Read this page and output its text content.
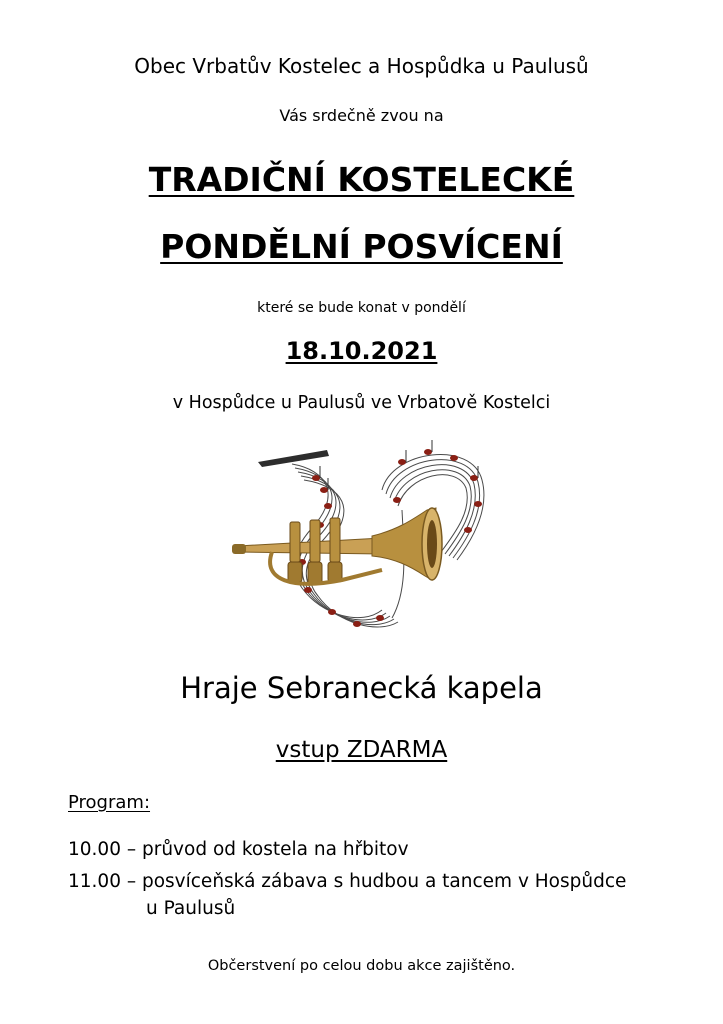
Obec Vrbatův Kostelec a Hospůdka u Paulusů
Vás srdečně zvou na
TRADIČNÍ KOSTELECKÉ
PONDĚLNÍ POSVÍCENÍ
které se bude konat v pondělí
18.10.2021
v Hospůdce u Paulusů ve Vrbatově Kostelci
Hraje Sebranecká kapela
vstup ZDARMA
Program:
10.00 – průvod od kostela na hřbitov
11.00 – posvíceňská zábava s hudbou a tancem v Hospůdce
u Paulusů
Občerstvení po celou dobu akce zajištěno.
